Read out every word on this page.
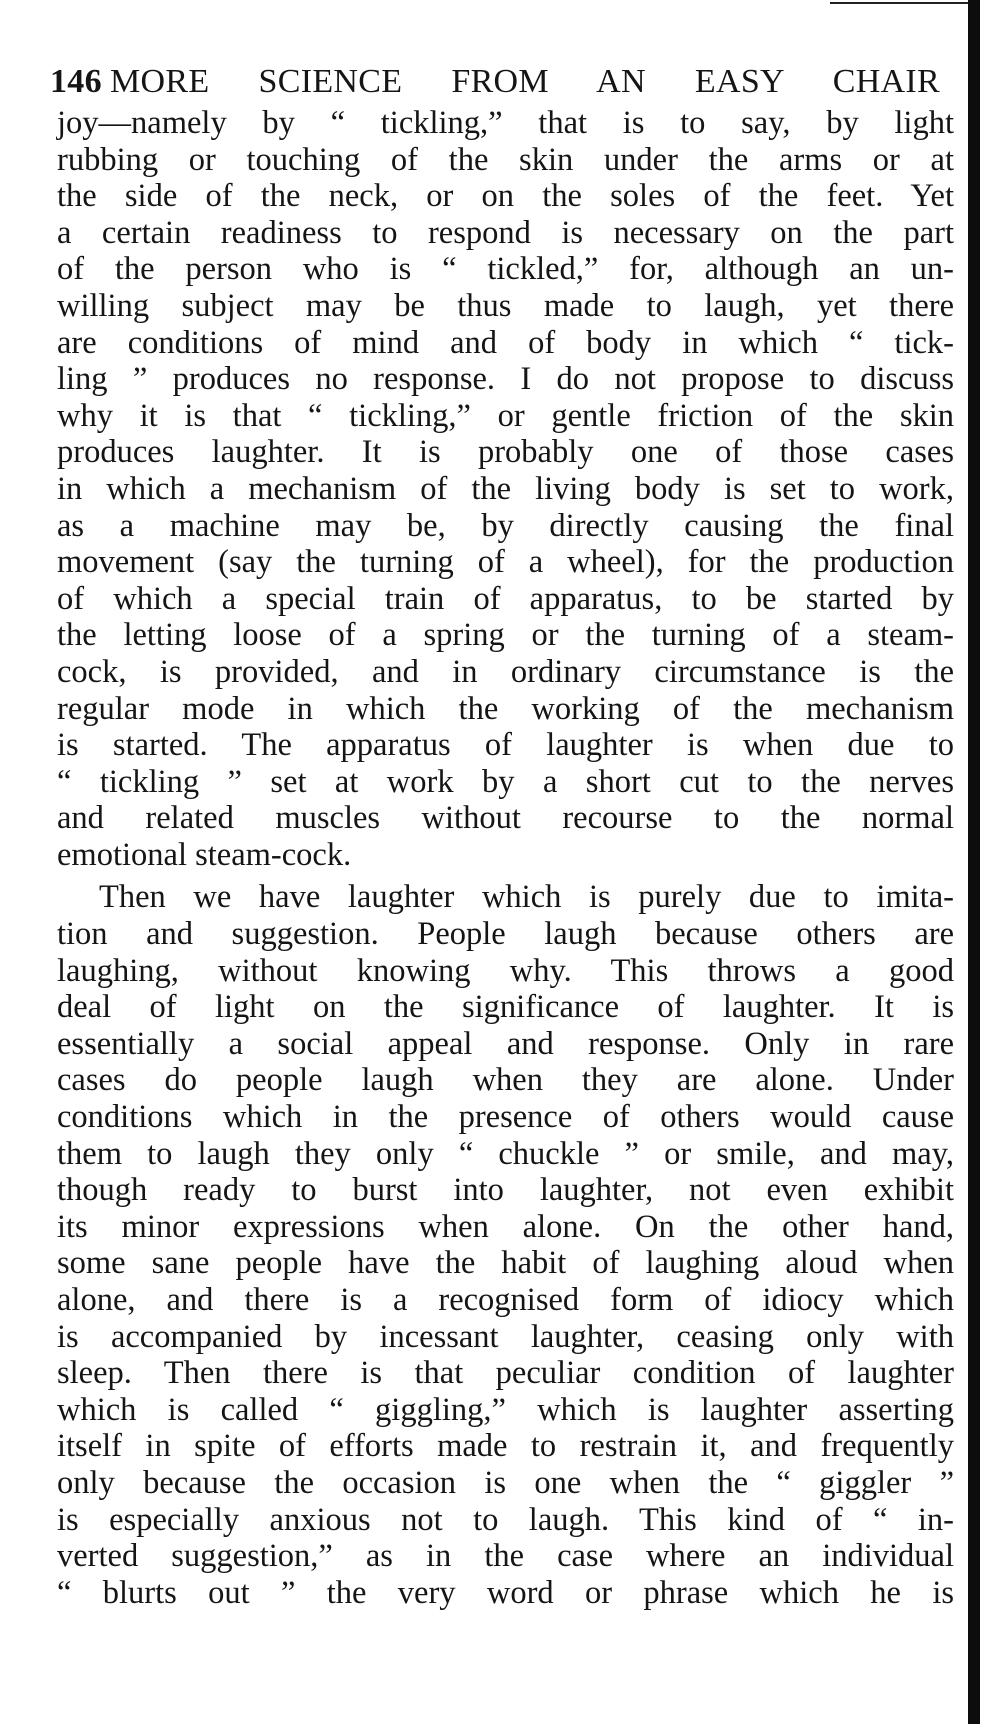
146 MORE SCIENCE FROM AN EASY CHAIR

joy—namely by “ tickling,” that is to say, by light

rubbing or touching of the skin under the arms or at

the side of the neck, or on the soles of the feet. Yet

a certain readiness to respond is necessary on the part

of the person who is “ tickled,” for, although an un-

willing subject may be thus made to laugh, yet there

are conditions of mind and of body in which “ tick-

ling ” produces no response. I do not propose to discuss

why it is that “ tickling,” or gentle friction of the skin

produces laughter. It is probably one of those cases

in which a mechanism of the living body is set to work,

as a machine may be, by directly causing the final

movement (say the turning of a wheel), for the production

of which a special train of apparatus, to be started by

the letting loose of a spring or the turning of a steam-

cock, is provided, and in ordinary circumstance is the

regular mode in which the working of the mechanism

is started. The apparatus of laughter is when due to

“ tickling ” set at work by a short cut to the nerves

and related muscles without recourse to the normal

emotional steam-cock.

Then we have laughter which is purely due to imita-

tion and suggestion. People laugh because others are

laughing, without knowing why. This throws a good

deal of light on the significance of laughter. It is

essentially a social appeal and response. Only in rare

cases do people laugh when they are alone. Under

conditions which in the presence of others would cause

them to laugh they only “ chuckle ” or smile, and may,

though ready to burst into laughter, not even exhibit

its minor expressions when alone. On the other hand,

some sane people have the habit of laughing aloud when

alone, and there is a recognised form of idiocy which

is accompanied by incessant laughter, ceasing only with

sleep. Then there is that peculiar condition of laughter

which is called “ giggling,” which is laughter asserting

itself in spite of efforts made to restrain it, and frequently

only because the occasion is one when the “ giggler ”

is especially anxious not to laugh. This kind of “ in-

verted suggestion,” as in the case where an individual

“ blurts out ” the very word or phrase which he is
